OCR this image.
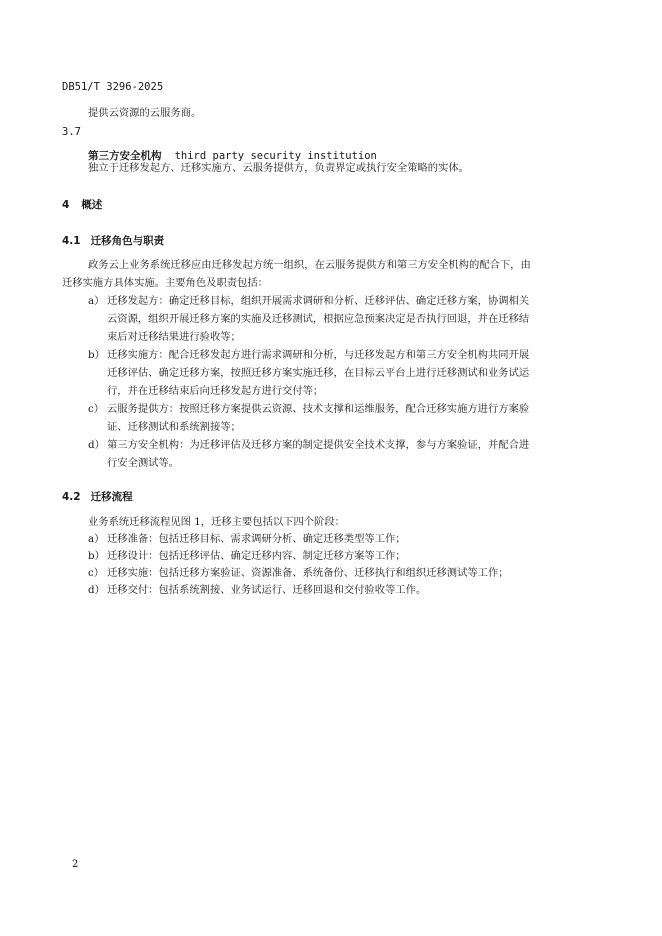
DB51/T 3296-2025
提供云资源的云服务商。
3.7
第三方安全机构 third party security institution
独立于迁移发起方、迁移实施方、云服务提供方，负责界定或执行安全策略的实体。
4 概述
4.1 迁移角色与职责
政务云上业务系统迁移应由迁移发起方统一组织，在云服务提供方和第三方安全机构的配合下，由
迁移实施方具体实施。主要角色及职责包括：
a） 迁移发起方：确定迁移目标，组织开展需求调研和分析、迁移评估、确定迁移方案，协调相关
云资源，组织开展迁移方案的实施及迁移测试，根据应急预案决定是否执行回退，并在迁移结
束后对迁移结果进行验收等；
b） 迁移实施方：配合迁移发起方进行需求调研和分析，与迁移发起方和第三方安全机构共同开展
迁移评估、确定迁移方案，按照迁移方案实施迁移，在目标云平台上进行迁移测试和业务试运
行，并在迁移结束后向迁移发起方进行交付等；
c） 云服务提供方：按照迁移方案提供云资源、技术支撑和运维服务，配合迁移实施方进行方案验
证、迁移测试和系统割接等；
d） 第三方安全机构：为迁移评估及迁移方案的制定提供安全技术支撑，参与方案验证，并配合进
行安全测试等。
4.2 迁移流程
业务系统迁移流程见图 1，迁移主要包括以下四个阶段：
a） 迁移准备：包括迁移目标、需求调研分析、确定迁移类型等工作；
b） 迁移设计：包括迁移评估、确定迁移内容、制定迁移方案等工作；
c） 迁移实施：包括迁移方案验证、资源准备、系统备份、迁移执行和组织迁移测试等工作；
d） 迁移交付：包括系统割接、业务试运行、迁移回退和交付验收等工作。
2
